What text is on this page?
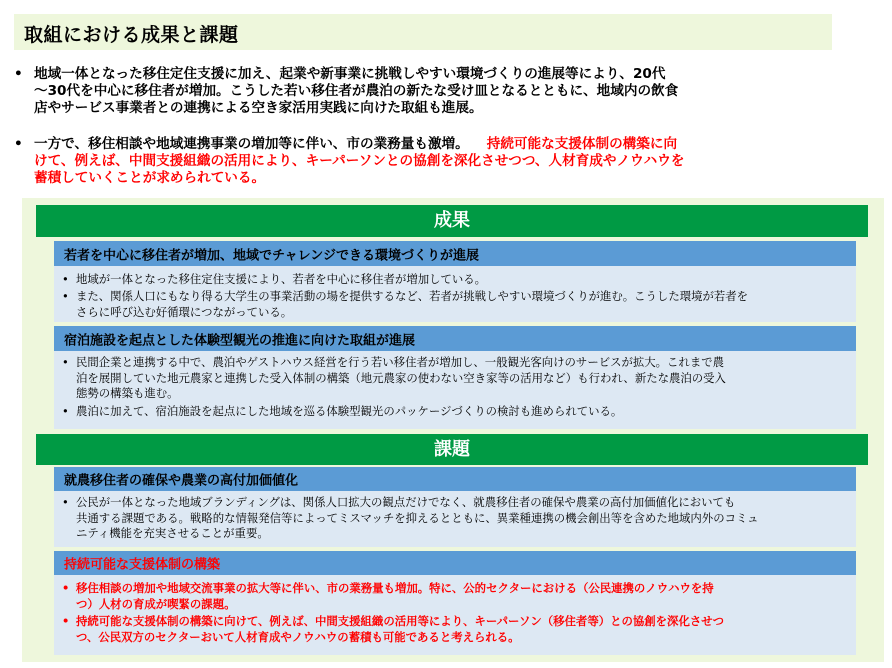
取組における成果と課題
• 地域一体となった移住定住支援に加え、起業や新事業に挑戦しやすい環境づくりの進展等により、20代
～30代を中心に移住者が増加。こうした若い移住者が農泊の新たな受け皿となるとともに、地域内の飲食
店やサービス事業者との連携による空き家活用実践に向けた取組も進展。
• 一方で、移住相談や地域連携事業の増加等に伴い、市の業務量も激増。 持続可能な支援体制の構築に向
けて、例えば、中間支援組織の活用により、キーパーソンとの協創を深化させつつ、人材育成やノウハウを
蓄積していくことが求められている。
成果
若者を中心に移住者が増加、地域でチャレンジできる環境づくりが進展
• 地域が一体となった移住定住支援により、若者を中心に移住者が増加している。
• また、関係人口にもなり得る大学生の事業活動の場を提供するなど、若者が挑戦しやすい環境づくりが進む。こうした環境が若者を
さらに呼び込む好循環につながっている。
宿泊施設を起点とした体験型観光の推進に向けた取組が進展
• 民間企業と連携する中で、農泊やゲストハウス経営を行う若い移住者が増加し、一般観光客向けのサービスが拡大。これまで農
泊を展開していた地元農家と連携した受入体制の構築（地元農家の使わない空き家等の活用など）も行われ、新たな農泊の受入
態勢の構築も進む。
• 農泊に加えて、宿泊施設を起点にした地域を巡る体験型観光のパッケージづくりの検討も進められている。
課題
就農移住者の確保や農業の高付加価値化
• 公民が一体となった地域ブランディングは、関係人口拡大の観点だけでなく、就農移住者の確保や農業の高付加価値化においても
共通する課題である。戦略的な情報発信等によってミスマッチを抑えるとともに、異業種連携の機会創出等を含めた地域内外のコミュ
ニティ機能を充実させることが重要。
持続可能な支援体制の構築
• 移住相談の増加や地域交流事業の拡大等に伴い、市の業務量も増加。特に、公的セクターにおける（公民連携のノウハウを持
つ）人材の育成が喫緊の課題。
• 持続可能な支援体制の構築に向けて、例えば、中間支援組織の活用等により、キーパーソン（移住者等）との協創を深化させつ
つ、公民双方のセクターおいて人材育成やノウハウの蓄積も可能であると考えられる。
